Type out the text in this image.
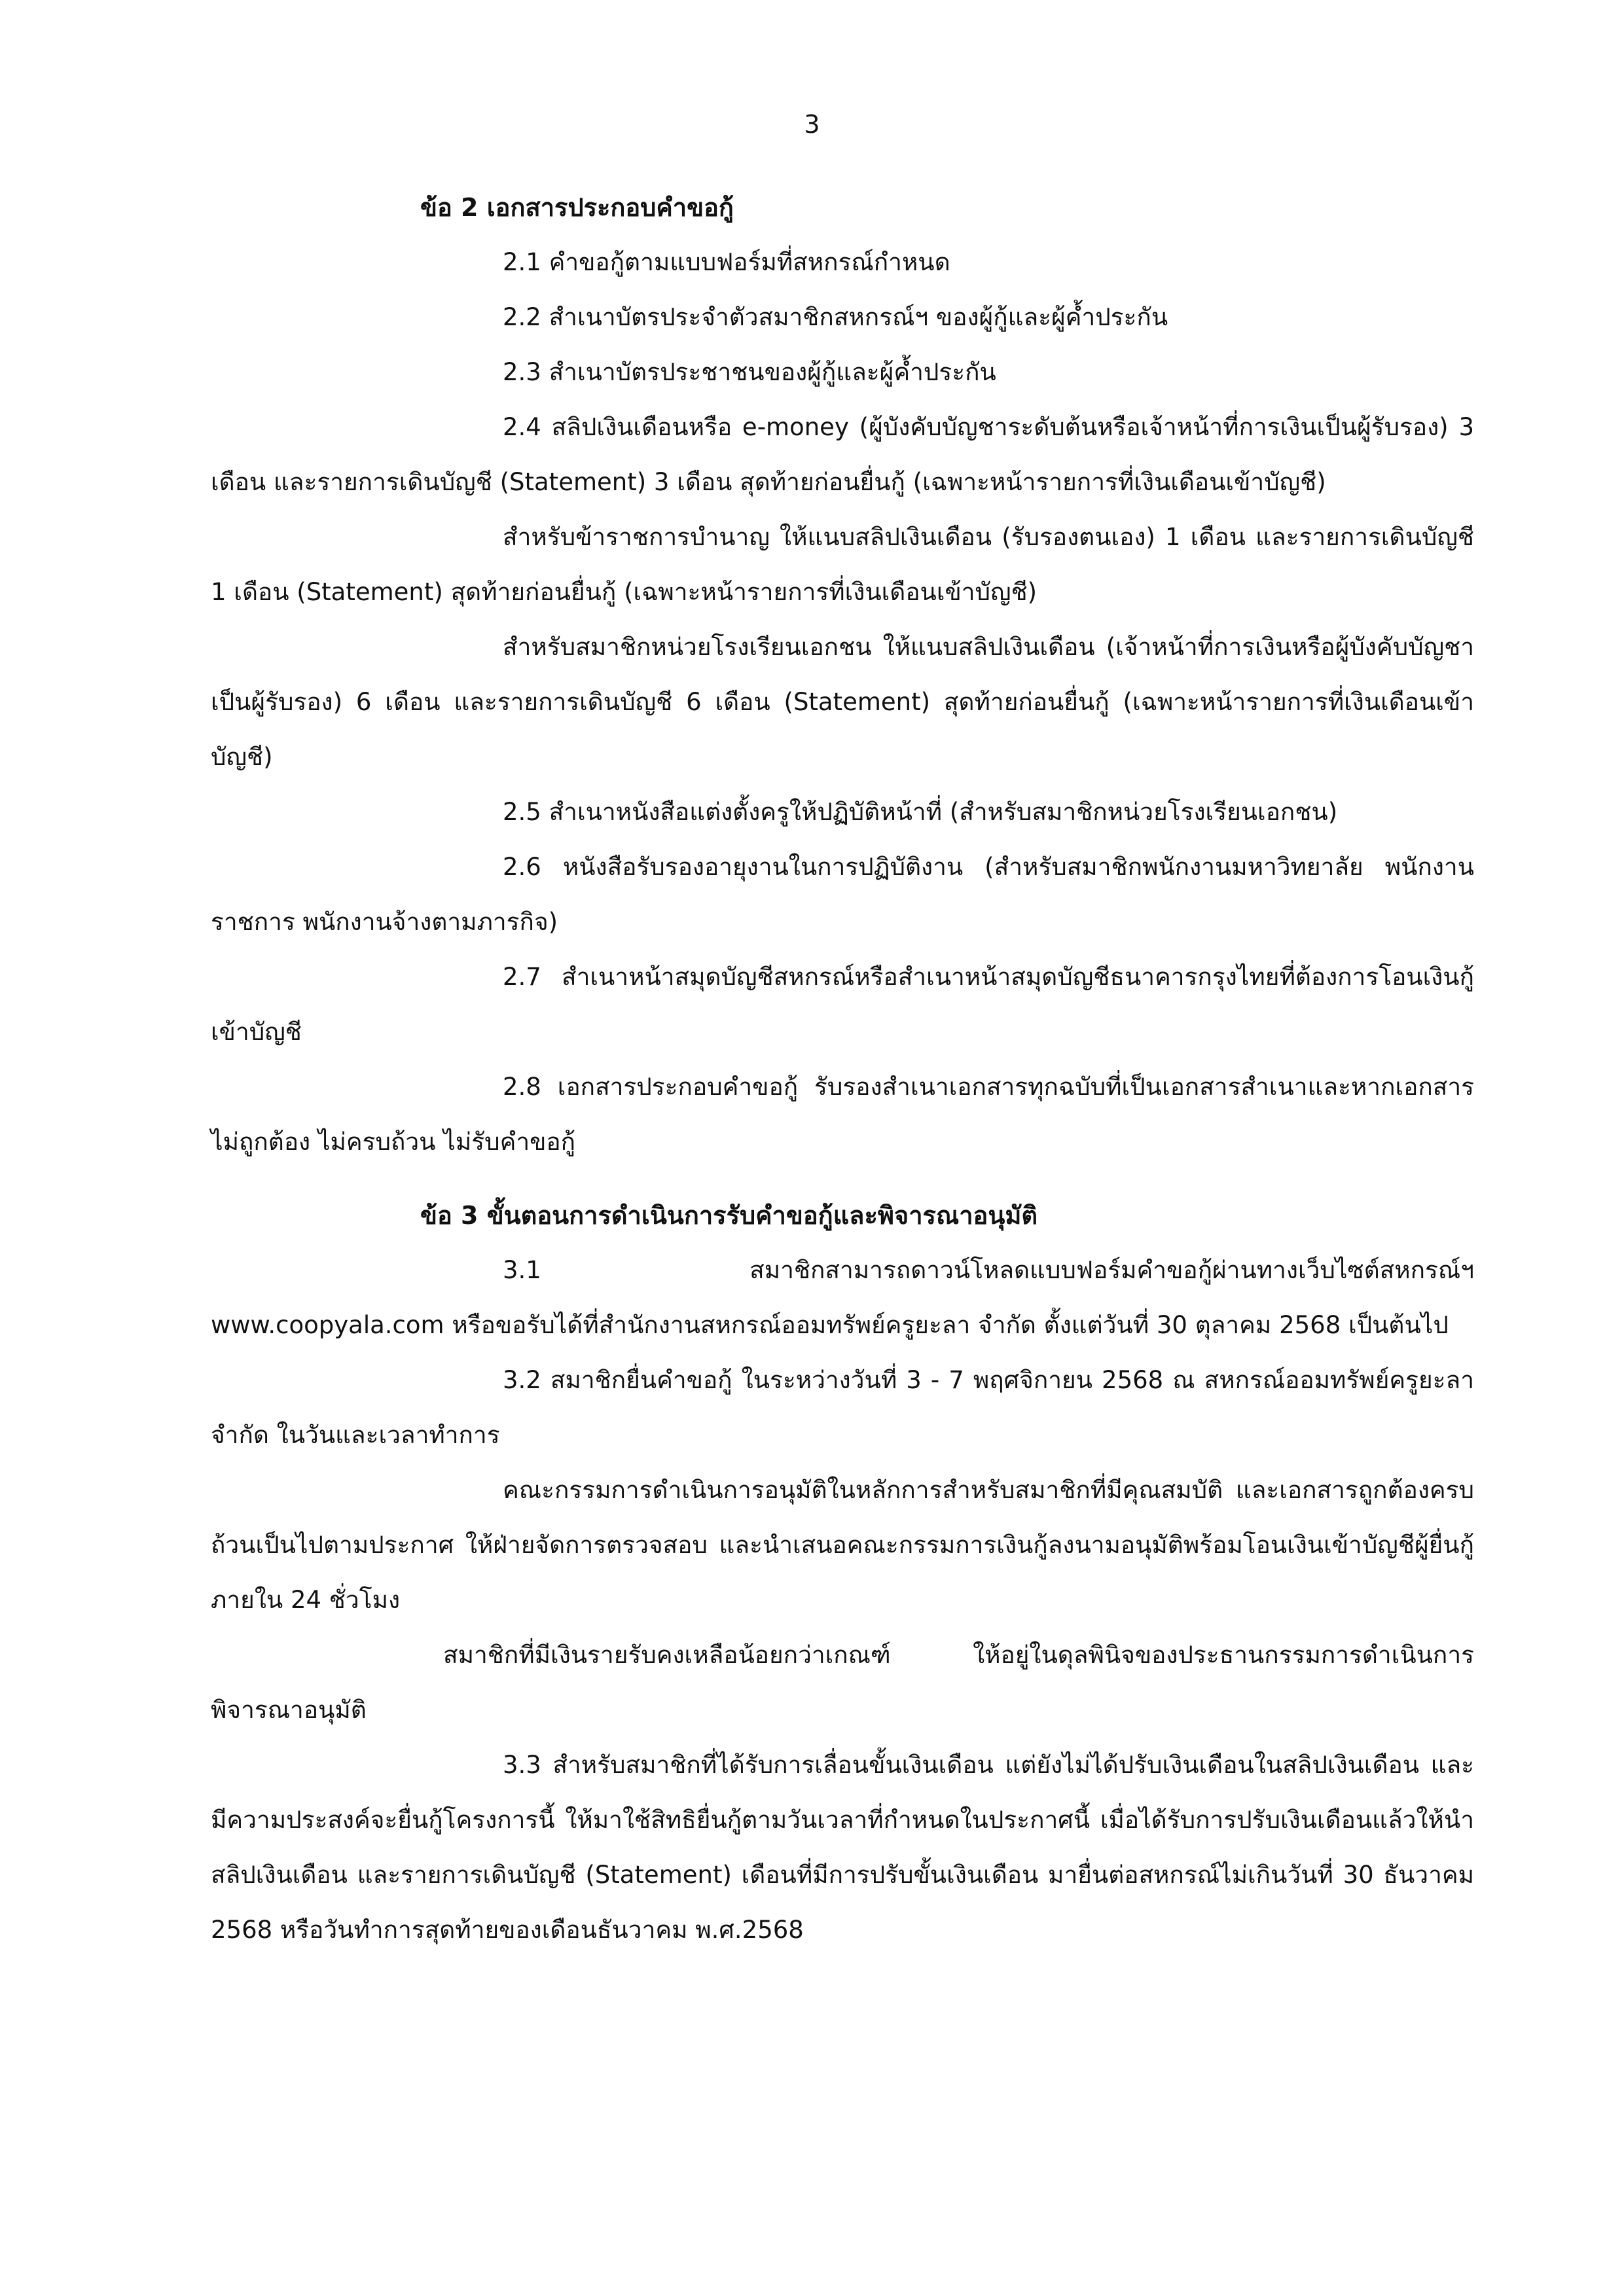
3
ข้อ 2 เอกสารประกอบคำขอกู้

2.1 คำขอกู้ตามแบบฟอร์มที่สหกรณ์กำหนด

2.2 สำเนาบัตรประจำตัวสมาชิกสหกรณ์ฯ ของผู้กู้และผู้ค้ำประกัน

2.3 สำเนาบัตรประชาชนของผู้กู้และผู้ค้ำประกัน

2.4 สลิปเงินเดือนหรือ e-money (ผู้บังคับบัญชาระดับต้นหรือเจ้าหน้าที่การเงินเป็นผู้รับรอง) 3 เดือน และรายการเดินบัญชี (Statement) 3 เดือน สุดท้ายก่อนยื่นกู้ (เฉพาะหน้ารายการที่เงินเดือนเข้าบัญชี)

สำหรับข้าราชการบำนาญ ให้แนบสลิปเงินเดือน (รับรองตนเอง) 1 เดือน และรายการเดินบัญชี 1 เดือน (Statement) สุดท้ายก่อนยื่นกู้ (เฉพาะหน้ารายการที่เงินเดือนเข้าบัญชี)

สำหรับสมาชิกหน่วยโรงเรียนเอกชน ให้แนบสลิปเงินเดือน (เจ้าหน้าที่การเงินหรือผู้บังคับบัญชาเป็นผู้รับรอง) 6 เดือน และรายการเดินบัญชี 6 เดือน (Statement) สุดท้ายก่อนยื่นกู้ (เฉพาะหน้ารายการที่เงินเดือนเข้าบัญชี)

2.5 สำเนาหนังสือแต่งตั้งครูให้ปฏิบัติหน้าที่ (สำหรับสมาชิกหน่วยโรงเรียนเอกชน)

2.6 หนังสือรับรองอายุงานในการปฏิบัติงาน (สำหรับสมาชิกพนักงานมหาวิทยาลัย พนักงานราชการ พนักงานจ้างตามภารกิจ)

2.7 สำเนาหน้าสมุดบัญชีสหกรณ์หรือสำเนาหน้าสมุดบัญชีธนาคารกรุงไทยที่ต้องการโอนเงินกู้เข้าบัญชี

2.8 เอกสารประกอบคำขอกู้ รับรองสำเนาเอกสารทุกฉบับที่เป็นเอกสารสำเนาและหากเอกสารไม่ถูกต้อง ไม่ครบถ้วน ไม่รับคำขอกู้

ข้อ 3 ขั้นตอนการดำเนินการรับคำขอกู้และพิจารณาอนุมัติ

3.1 สมาชิกสามารถดาวน์โหลดแบบฟอร์มคำขอกู้ผ่านทางเว็บไซต์สหกรณ์ฯ www.coopyala.com หรือขอรับได้ที่สำนักงานสหกรณ์ออมทรัพย์ครูยะลา จำกัด ตั้งแต่วันที่ 30 ตุลาคม 2568 เป็นต้นไป

3.2 สมาชิกยื่นคำขอกู้ ในระหว่างวันที่ 3 - 7 พฤศจิกายน 2568 ณ สหกรณ์ออมทรัพย์ครูยะลา จำกัด ในวันและเวลาทำการ

คณะกรรมการดำเนินการอนุมัติในหลักการสำหรับสมาชิกที่มีคุณสมบัติ และเอกสารถูกต้องครบถ้วนเป็นไปตามประกาศ ให้ฝ่ายจัดการตรวจสอบ และนำเสนอคณะกรรมการเงินกู้ลงนามอนุมัติพร้อมโอนเงินเข้าบัญชีผู้ยื่นกู้ ภายใน 24 ชั่วโมง

สมาชิกที่มีเงินรายรับคงเหลือน้อยกว่าเกณฑ์ ให้อยู่ในดุลพินิจของประธานกรรมการดำเนินการพิจารณาอนุมัติ

3.3 สำหรับสมาชิกที่ได้รับการเลื่อนขั้นเงินเดือน แต่ยังไม่ได้ปรับเงินเดือนในสลิปเงินเดือน และมีความประสงค์จะยื่นกู้โครงการนี้ ให้มาใช้สิทธิยื่นกู้ตามวันเวลาที่กำหนดในประกาศนี้ เมื่อได้รับการปรับเงินเดือนแล้วให้นำสลิปเงินเดือน และรายการเดินบัญชี (Statement) เดือนที่มีการปรับขั้นเงินเดือน มายื่นต่อสหกรณ์ไม่เกินวันที่ 30 ธันวาคม 2568 หรือวันทำการสุดท้ายของเดือนธันวาคม พ.ศ.2568
